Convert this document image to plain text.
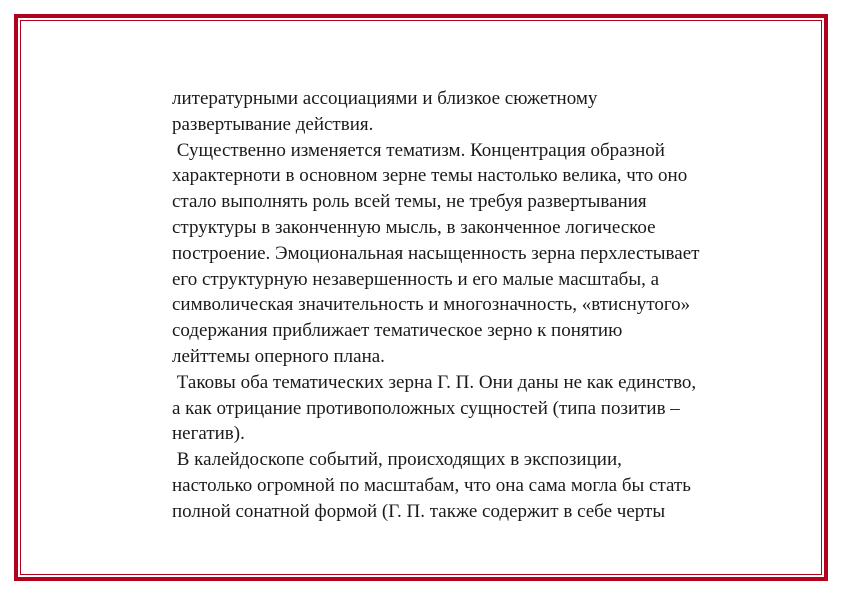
литературными ассоциациями и близкое сюжетному
развертывание действия.
Существенно изменяется тематизм. Концентрация образной
характерноти в основном зерне темы настолько велика, что оно
стало выполнять роль всей темы, не требуя развертывания
структуры в законченную мысль, в законченное логическое
построение. Эмоциональная насыщенность зерна перхлестывает
его структурную незавершенность и его малые масштабы, а
символическая значительность и многозначность, «втиснутого»
содержания приближает тематическое зерно к понятию
лейттемы оперного плана.
Таковы оба тематических зерна Г. П. Они даны не как единство,
а как отрицание противоположных сущностей (типа позитив –
негатив).
В калейдоскопе событий, происходящих в экспозиции,
настолько огромной по масштабам, что она сама могла бы стать
полной сонатной формой (Г. П. также содержит в себе черты
